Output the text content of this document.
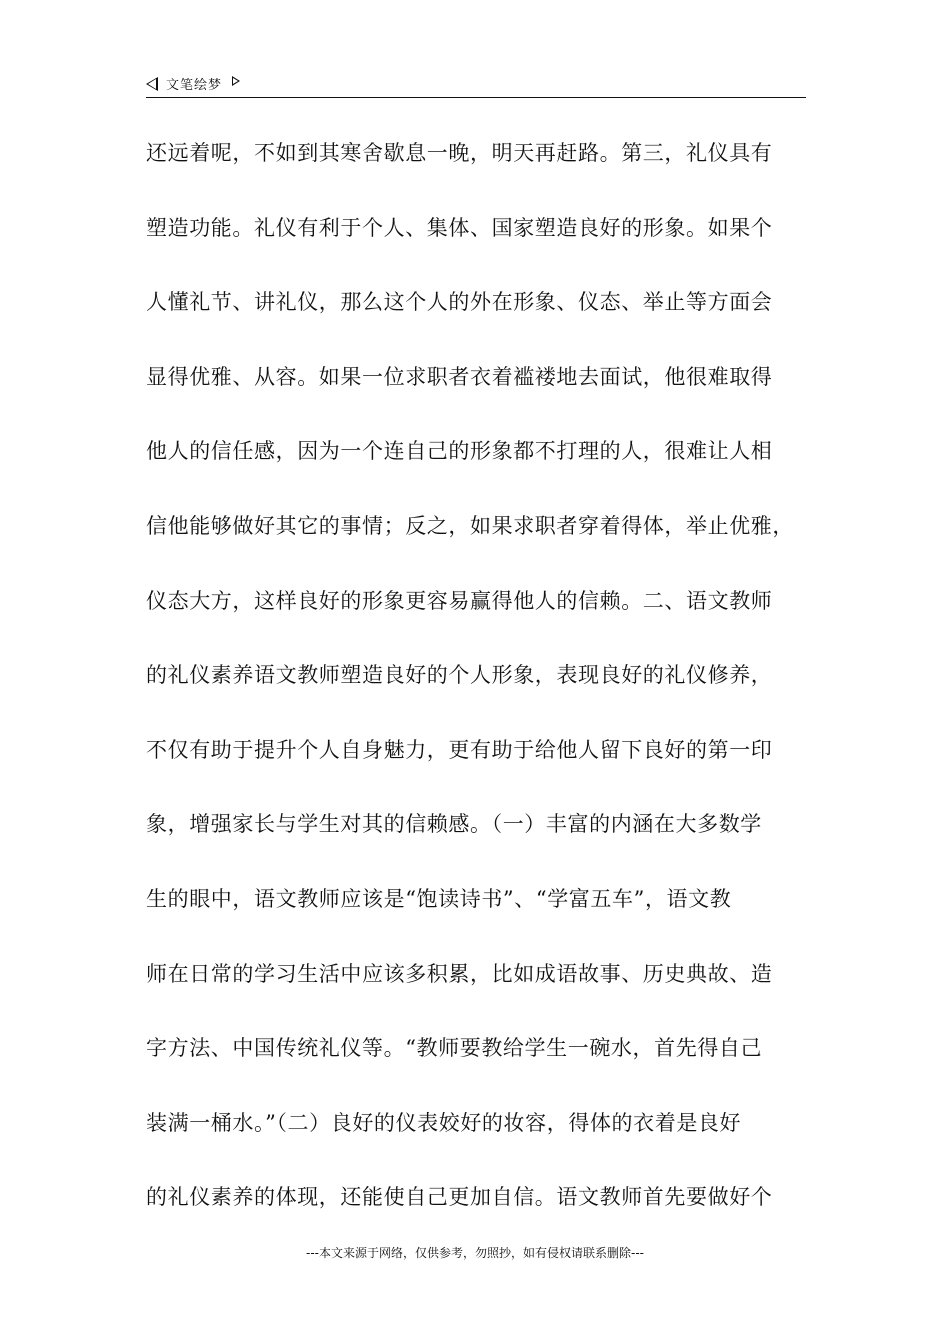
文笔绘梦
还远着呢，不如到其寒舍歇息一晚，明天再赶路。第三，礼仪具有
塑造功能。礼仪有利于个人、集体、国家塑造良好的形象。如果个
人懂礼节、讲礼仪，那么这个人的外在形象、仪态、举止等方面会
显得优雅、从容。如果一位求职者衣着褴褛地去面试，他很难取得
他人的信任感，因为一个连自己的形象都不打理的人，很难让人相
信他能够做好其它的事情；反之，如果求职者穿着得体，举止优雅，
仪态大方，这样良好的形象更容易赢得他人的信赖。二、语文教师
的礼仪素养语文教师塑造良好的个人形象，表现良好的礼仪修养，
不仅有助于提升个人自身魅力，更有助于给他人留下良好的第一印
象，增强家长与学生对其的信赖感。（一）丰富的内涵在大多数学
生的眼中，语文教师应该是“饱读诗书”、“学富五车”，语文教
师在日常的学习生活中应该多积累，比如成语故事、历史典故、造
字方法、中国传统礼仪等。“教师要教给学生一碗水，首先得自己
装满一桶水。”（二）良好的仪表姣好的妆容，得体的衣着是良好
的礼仪素养的体现，还能使自己更加自信。语文教师首先要做好个
---本文来源于网络，仅供参考，勿照抄，如有侵权请联系删除---
